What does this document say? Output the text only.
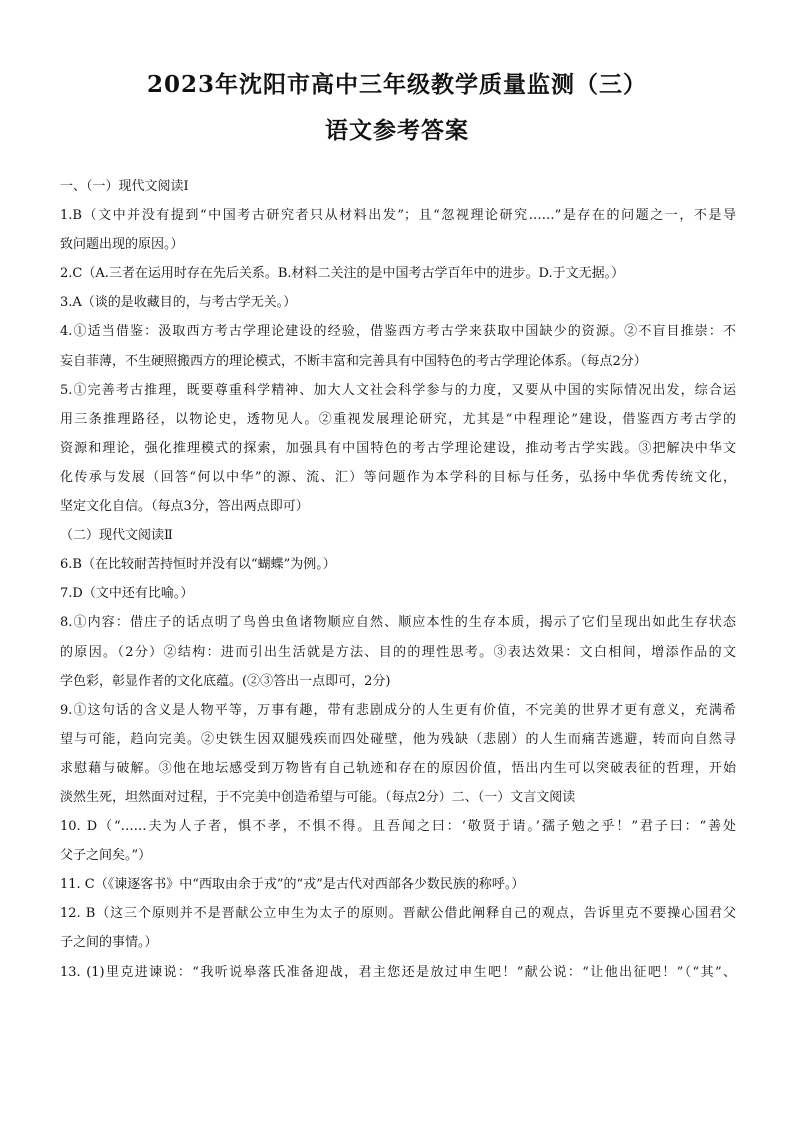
2023年沈阳市高中三年级教学质量监测（三）
语文参考答案
一、（一）现代文阅读Ⅰ
1.B（文中并没有提到“中国考古研究者只从材料出发”；且“忽视理论研究……”是存在的问题之一，不是导
致问题出现的原因。）
2.C（A.三者在运用时存在先后关系。B.材料二关注的是中国考古学百年中的进步。D.于文无据。）
3.A（谈的是收藏目的，与考古学无关。）
4.①适当借鉴：汲取西方考古学理论建设的经验，借鉴西方考古学来获取中国缺少的资源。②不盲目推崇：不
妄自菲薄，不生硬照搬西方的理论模式，不断丰富和完善具有中国特色的考古学理论体系。（每点2分）
5.①完善考古推理，既要尊重科学精神、加大人文社会科学参与的力度，又要从中国的实际情况出发，综合运
用三条推理路径，以物论史，透物见人。②重视发展理论研究，尤其是“中程理论”建设，借鉴西方考古学的
资源和理论，强化推理模式的探索，加强具有中国特色的考古学理论建设，推动考古学实践。③把解决中华文
化传承与发展（回答“何以中华”的源、流、汇）等问题作为本学科的目标与任务，弘扬中华优秀传统文化，
坚定文化自信。（每点3分，答出两点即可）
（二）现代文阅读Ⅱ
6.B（在比较耐苦持恒时并没有以“蝴蝶”为例。）
7.D（文中还有比喻。）
8.①内容：借庄子的话点明了鸟兽虫鱼诸物顺应自然、顺应本性的生存本质，揭示了它们呈现出如此生存状态
的原因。（2分）②结构：进而引出生活就是方法、目的的理性思考。③表达效果：文白相间，增添作品的文
学色彩，彰显作者的文化底蕴。(②③答出一点即可，2分)
9.①这句话的含义是人物平等，万事有趣，带有悲剧成分的人生更有价值，不完美的世界才更有意义，充满希
望与可能，趋向完美。②史铁生因双腿残疾而四处碰壁，他为残缺（悲剧）的人生而痛苦逃避，转而向自然寻
求慰藉与破解。③他在地坛感受到万物皆有自己轨迹和存在的原因价值，悟出内生可以突破表征的哲理，开始
淡然生死，坦然面对过程，于不完美中创造希望与可能。（每点2分）二、（一）文言文阅读
10. D（“……夫为人子者，惧不孝，不惧不得。且吾闻之曰：‘敬贤于请。’孺子勉之乎！”君子曰：“善处
父子之间矣。”）
11. C（《谏逐客书》中“西取由余于戎”的“戎”是古代对西部各少数民族的称呼。）
12. B（这三个原则并不是晋献公立申生为太子的原则。晋献公借此阐释自己的观点，告诉里克不要操心国君父
子之间的事情。）
13. (1)里克进谏说：“我听说皋落氏准备迎战，君主您还是放过申生吧！”献公说：“让他出征吧！”（“其”、
